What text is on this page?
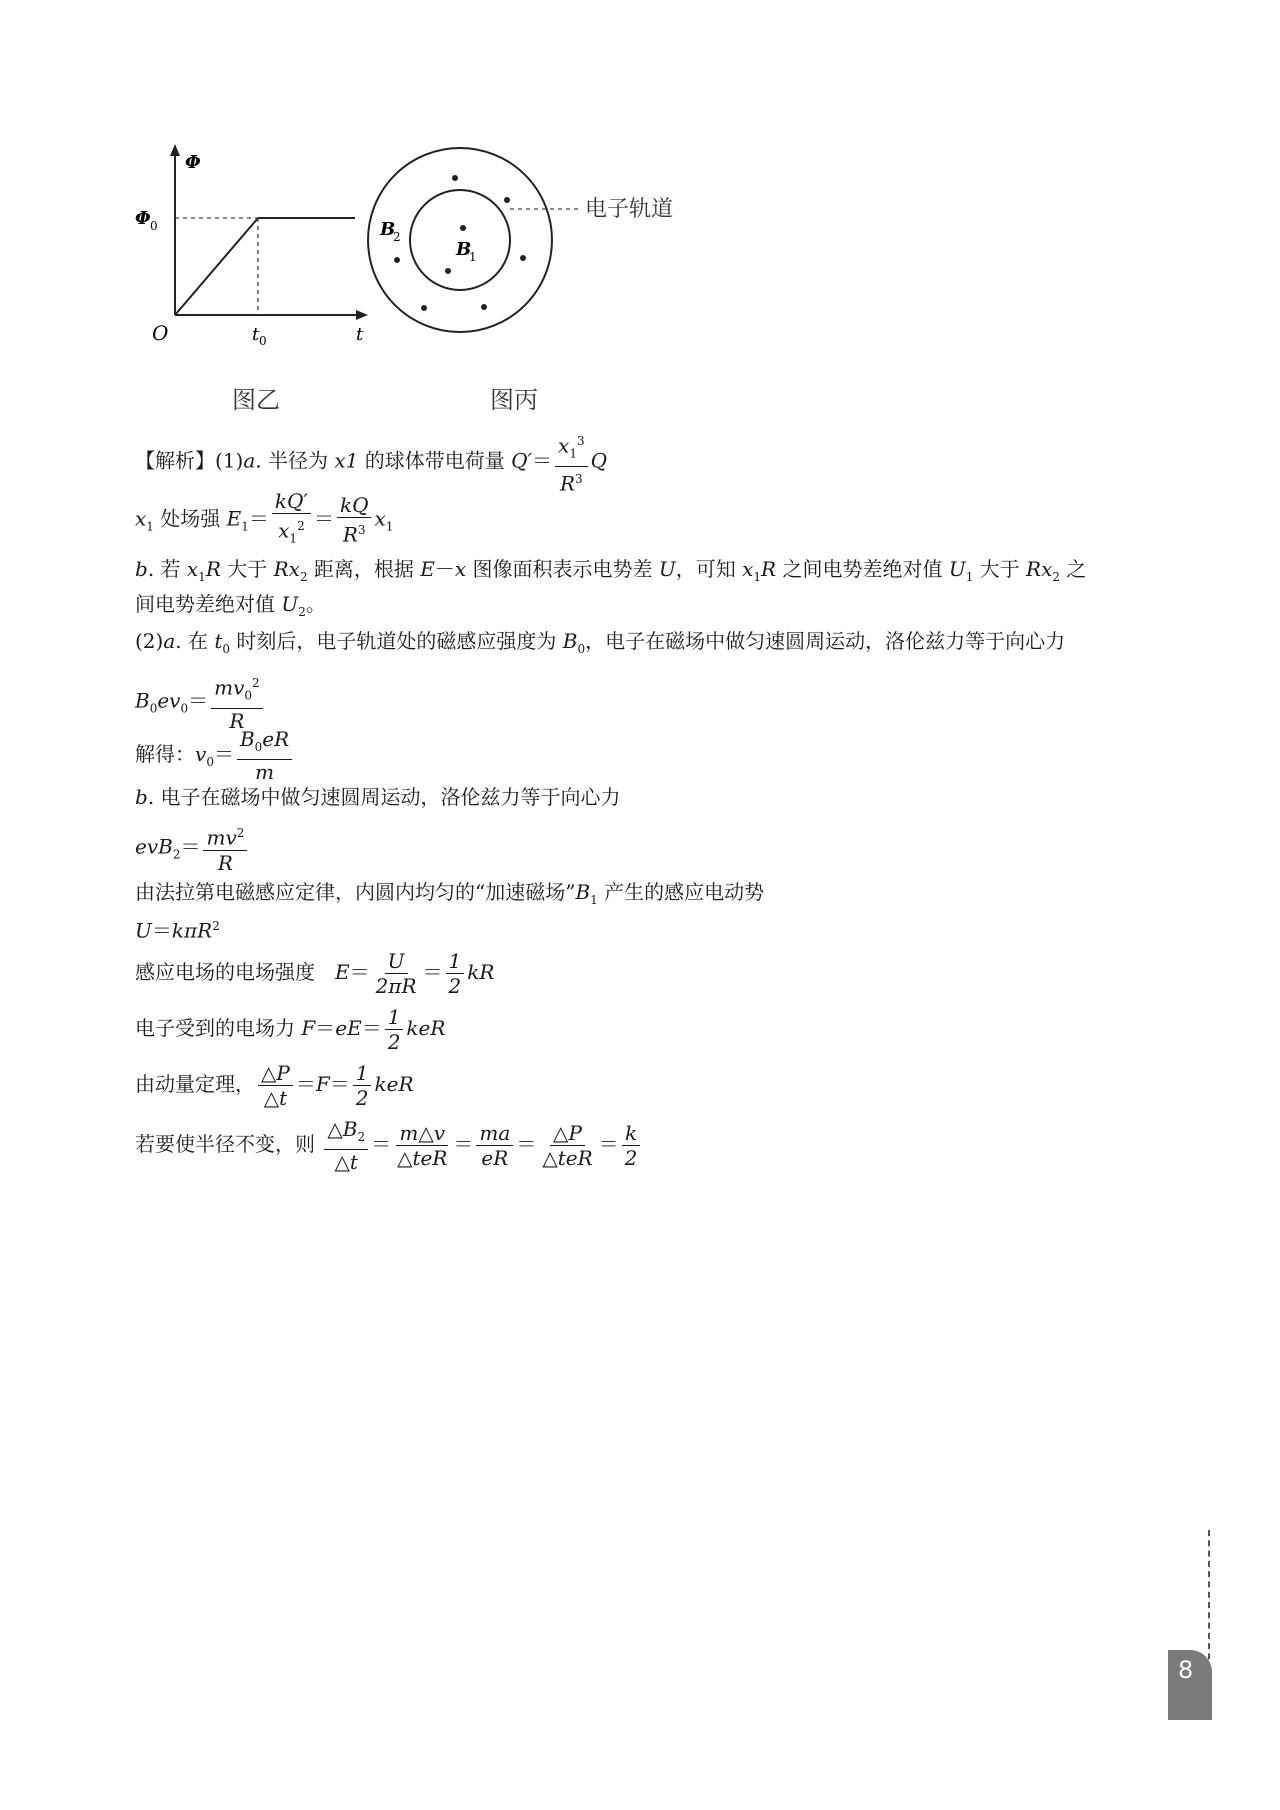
Φ
Φ 0
O	t 0	t
图乙
电子轨道
B
2
B
1
图丙
【解析】(1)a. 半径为 x1 的球体带电荷量 $Q'= \frac{x_1^3}{R^3}$ Q
$x_1$ 处场强 $E_1= \frac{kQ'}{x_1^2} = \frac{kQ}{R^3} x_1$
b. 若 $x_1R$ 大于 $Rx_2$ 距离，根据 E－x 图像面积表示电势差 U，可知 $x_1R$ 之间电势差绝对值 $U_1$ 大于 $Rx_2$ 之
间电势差绝对值 $U_2$。
(2)a. 在 $t_0$ 时刻后，电子轨道处的磁感应强度为 $B_0$，电子在磁场中做匀速圆周运动，洛伦兹力等于向心力
$B_0ev_0= \frac{mv_0^2}{R}$
解得：$v_0= \frac{B_0eR}{m}$
b. 电子在磁场中做匀速圆周运动，洛伦兹力等于向心力
$evB_2= \frac{mv^2}{R}$
由法拉第电磁感应定律，内圆内均匀的“加速磁场$”B_1$ 产生的感应电动势
U＝kπR$^2$
感应电场的电场强度　$E= \frac{U}{2\pi R} = \frac{1}{2}$ kR
电子受到的电场力 $F=eE= \frac{1}{2}$ keR
由动量定理， $\frac{\triangle P}{\triangle t} =F= \frac{1}{2}$ keR
若要使半径不变，则 $\frac{\triangle B_2}{\triangle t} = \frac{m\triangle v}{\text{△teR}} = \frac{ma}{eR} = \frac{\triangle P}{\text{△teR}} = \frac{k}{2}$
8
